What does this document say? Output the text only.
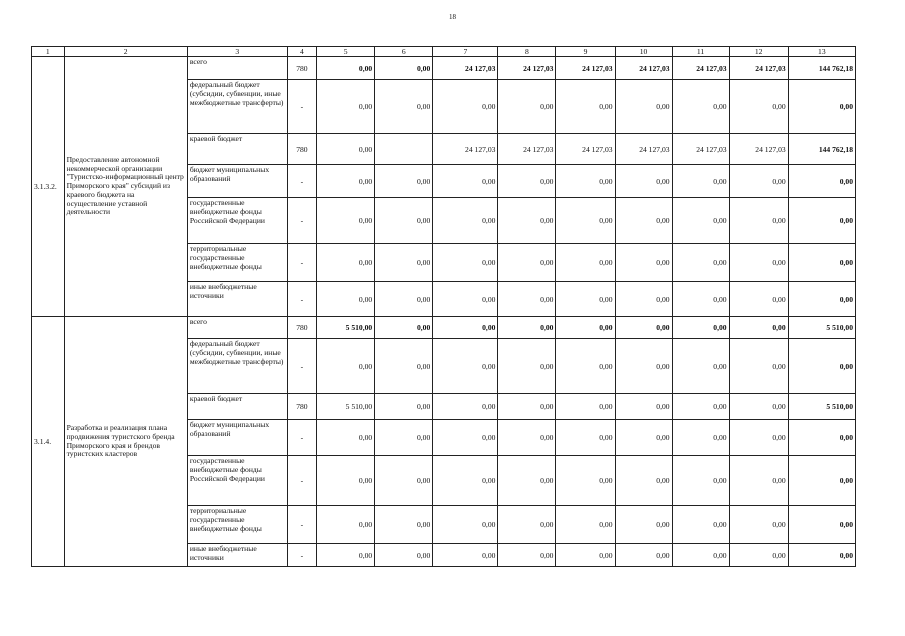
18
1	2	3	4	5	6	7	8	9	10	11	12	13
3.1.3.2.	Предоставление автономной некоммерческой организации "Туристско-информационный центр Приморского края" субсидий из краевого бюджета на осуществление уставной деятельности	всего	780	0,00	0,00	24 127,03	24 127,03	24 127,03	24 127,03	24 127,03	24 127,03	144 762,18
		федеральный бюджет (субсидии, субвенции, иные межбюджетные трансферты)	-	0,00	0,00	0,00	0,00	0,00	0,00	0,00	0,00	0,00
		краевой бюджет	780	0,00		24 127,03	24 127,03	24 127,03	24 127,03	24 127,03	24 127,03	144 762,18
		бюджет муниципальных образований	-	0,00	0,00	0,00	0,00	0,00	0,00	0,00	0,00	0,00
		государственные внебюджетные фонды Российской Федерации	-	0,00	0,00	0,00	0,00	0,00	0,00	0,00	0,00	0,00
		территориальные государственные внебюджетные фонды	-	0,00	0,00	0,00	0,00	0,00	0,00	0,00	0,00	0,00
		иные внебюджетные источники	-	0,00	0,00	0,00	0,00	0,00	0,00	0,00	0,00	0,00
3.1.4.	Разработка и реализация плана продвижения туристского бренда Приморского края и брендов туристских кластеров	всего	780	5 510,00	0,00	0,00	0,00	0,00	0,00	0,00	0,00	5 510,00
		федеральный бюджет (субсидии, субвенции, иные межбюджетные трансферты)	-	0,00	0,00	0,00	0,00	0,00	0,00	0,00	0,00	0,00
		краевой бюджет	780	5 510,00	0,00	0,00	0,00	0,00	0,00	0,00	0,00	5 510,00
		бюджет муниципальных образований	-	0,00	0,00	0,00	0,00	0,00	0,00	0,00	0,00	0,00
		государственные внебюджетные фонды Российской Федерации	-	0,00	0,00	0,00	0,00	0,00	0,00	0,00	0,00	0,00
		территориальные государственные внебюджетные фонды	-	0,00	0,00	0,00	0,00	0,00	0,00	0,00	0,00	0,00
		иные внебюджетные источники	-	0,00	0,00	0,00	0,00	0,00	0,00	0,00	0,00	0,00
